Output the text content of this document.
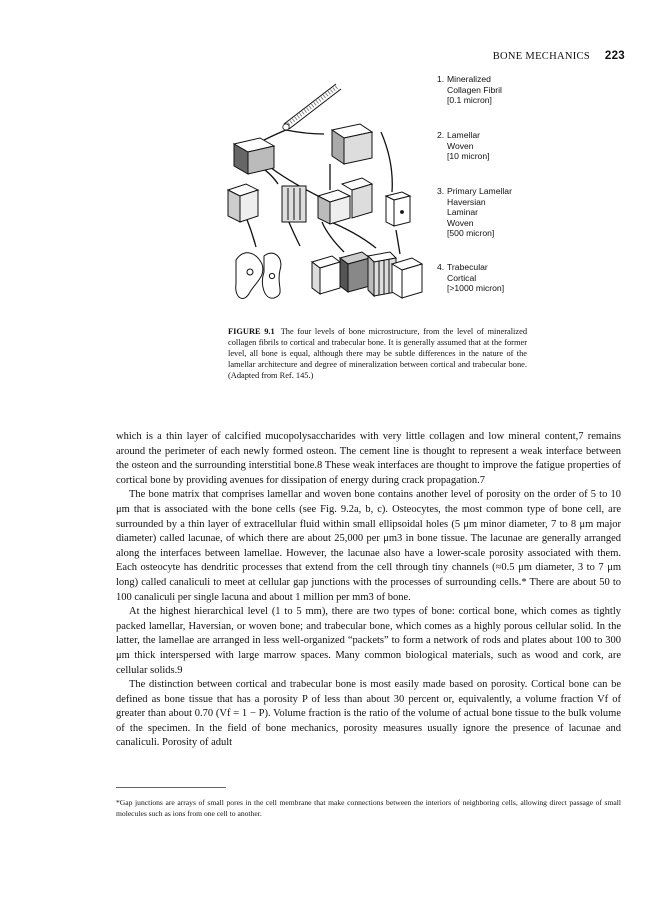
BONE MECHANICS 223
1. Mineralized
Collagen Fibril
[0.1 micron]
2. Lamellar
Woven
[10 micron]
3. Primary Lamellar
Haversian
Laminar
Woven
[500 micron]
4. Trabecular
Cortical
[>1000 micron]
FIGURE 9.1 The four levels of bone microstructure, from the level of mineralized collagen fibrils to cortical and trabecular bone. It is generally assumed that at the former level, all bone is equal, although there may be subtle differences in the nature of the lamellar architecture and degree of mineralization between cortical and trabecular bone. (Adapted from Ref. 145.)

which is a thin layer of calcified mucopolysaccharides with very little collagen and low mineral content,7 remains around the perimeter of each newly formed osteon. The cement line is thought to represent a weak interface between the osteon and the surrounding interstitial bone.8 These weak interfaces are thought to improve the fatigue properties of cortical bone by providing avenues for dissipation of energy during crack propagation.7

The bone matrix that comprises lamellar and woven bone contains another level of porosity on the order of 5 to 10 μm that is associated with the bone cells (see Fig. 9.2a, b, c). Osteocytes, the most common type of bone cell, are surrounded by a thin layer of extracellular fluid within small ellipsoidal holes (5 μm minor diameter, 7 to 8 μm major diameter) called lacunae, of which there are about 25,000 per μm3 in bone tissue. The lacunae are generally arranged along the interfaces between lamellae. However, the lacunae also have a lower-scale porosity associated with them. Each osteocyte has dendritic processes that extend from the cell through tiny channels (≈0.5 μm diameter, 3 to 7 μm long) called canaliculi to meet at cellular gap junctions with the processes of surrounding cells.* There are about 50 to 100 canaliculi per single lacuna and about 1 million per mm3 of bone.

At the highest hierarchical level (1 to 5 mm), there are two types of bone: cortical bone, which comes as tightly packed lamellar, Haversian, or woven bone; and trabecular bone, which comes as a highly porous cellular solid. In the latter, the lamellae are arranged in less well-organized “packets” to form a network of rods and plates about 100 to 300 μm thick interspersed with large marrow spaces. Many common biological materials, such as wood and cork, are cellular solids.9

The distinction between cortical and trabecular bone is most easily made based on porosity. Cortical bone can be defined as bone tissue that has a porosity P of less than about 30 percent or, equivalently, a volume fraction Vf of greater than about 0.70 (Vf = 1 − P). Volume fraction is the ratio of the volume of actual bone tissue to the bulk volume of the specimen. In the field of bone mechanics, porosity measures usually ignore the presence of lacunae and canaliculi. Porosity of adult

*Gap junctions are arrays of small pores in the cell membrane that make connections between the interiors of neighboring cells, allowing direct passage of small molecules such as ions from one cell to another.
